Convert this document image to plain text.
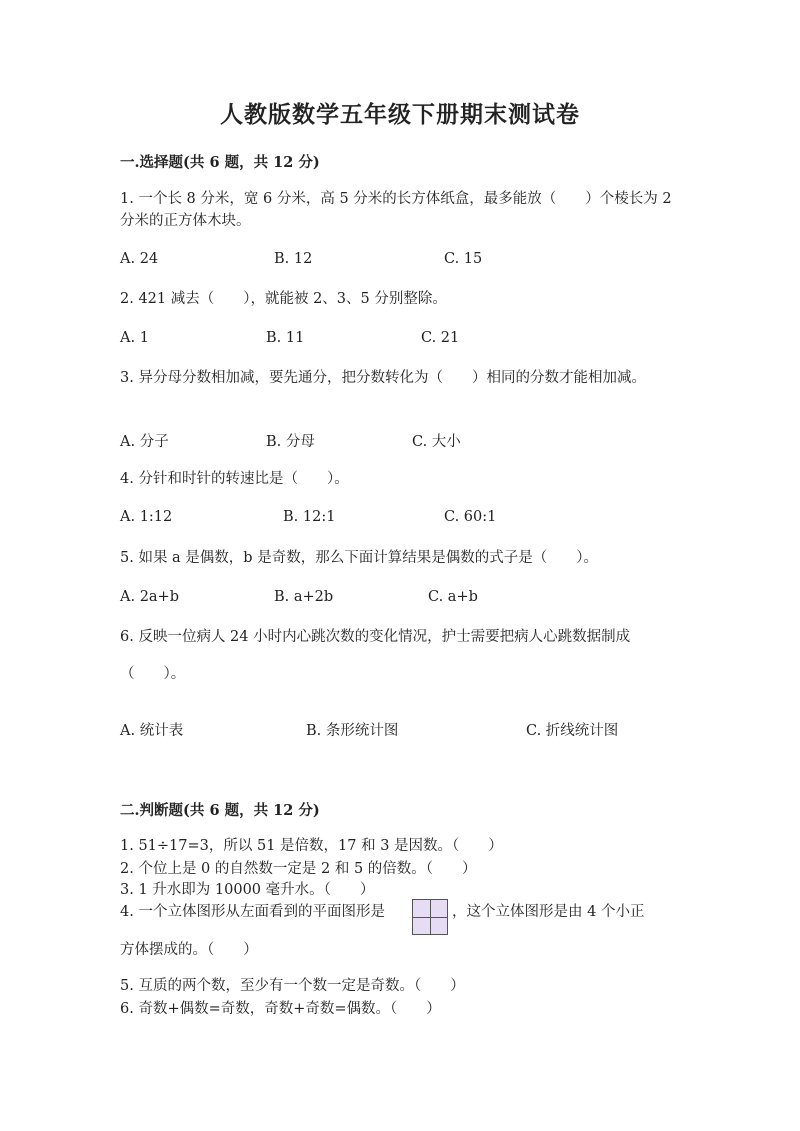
人教版数学五年级下册期末测试卷
一.选择题(共 6 题，共 12 分)
1. 一个长 8 分米，宽 6 分米，高 5 分米的长方体纸盒，最多能放（　　）个棱长为 2 分米的正方体木块。
A. 24	B. 12	C. 15
2. 421 减去（　　），就能被 2、3、5 分别整除。
A. 1	B. 11	C. 21
3. 异分母分数相加减，要先通分，把分数转化为（　　）相同的分数才能相加减。
A. 分子	B. 分母	C. 大小
4. 分针和时针的转速比是（　　）。
A. 1:12	B. 12:1	C. 60:1
5. 如果 a 是偶数，b 是奇数，那么下面计算结果是偶数的式子是（　　）。
A. 2a+b	B. a+2b	C. a+b
6. 反映一位病人 24 小时内心跳次数的变化情况，护士需要把病人心跳数据制成
（　　）。
A. 统计表	B. 条形统计图	C. 折线统计图
二.判断题(共 6 题，共 12 分)
1. 51÷17=3，所以 51 是倍数，17 和 3 是因数。（　　）
2. 个位上是 0 的自然数一定是 2 和 5 的倍数。（　　）
3. 1 升水即为 10000 毫升水。（　　）
4. 一个立体图形从左面看到的平面图形是	，这个立体图形是由 4 个小正
方体摆成的。（　　）
5. 互质的两个数，至少有一个数一定是奇数。（　　）
6. 奇数+偶数=奇数，奇数+奇数=偶数。（　　）
